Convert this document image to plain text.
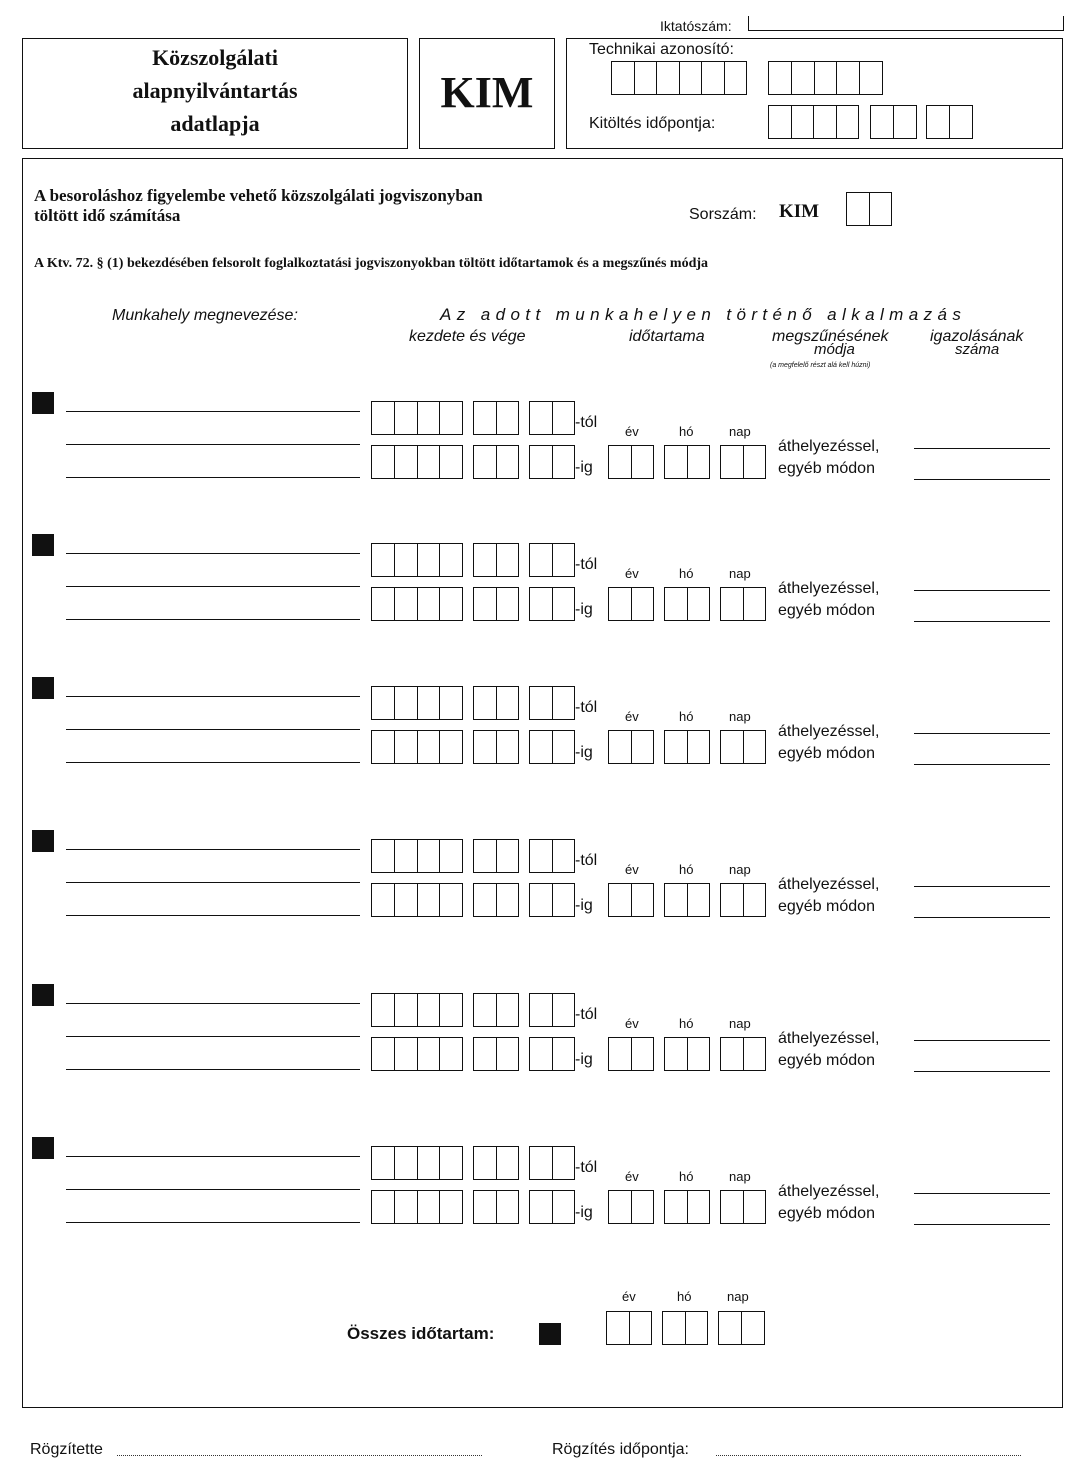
Iktatószám:
Közszolgálati
alapnyilvántartás
adatlapja
KIM
Technikai azonosító:
Kitöltés időpontja:
A besoroláshoz figyelembe vehető közszolgálati jogviszonyban
töltött idő számítása	Sorszám: KIM
A Ktv. 72. § (1) bekezdésében felsorolt foglalkoztatási jogviszonyokban töltött időtartamok és a megszűnés módja
Munkahely megnevezése:	Az adott munkahelyen történő alkalmazás
kezdete és vége	időtartama	megszűnésének
módja
(a megfelelő részt alá kell húzni)
igazolásának
száma
-tól
-ig
év	hó	nap
áthelyezéssel,
egyéb módon
-tól
-ig
év	hó	nap
áthelyezéssel,
egyéb módon
-tól
-ig
év	hó	nap
áthelyezéssel,
egyéb módon
-tól
-ig
év	hó	nap
áthelyezéssel,
egyéb módon
-tól
-ig
év	hó	nap
áthelyezéssel,
egyéb módon
-tól
-ig
év	hó	nap
áthelyezéssel,
egyéb módon
év	hó	nap
Összes időtartam:
Rögzítette	Rögzítés időpontja:
